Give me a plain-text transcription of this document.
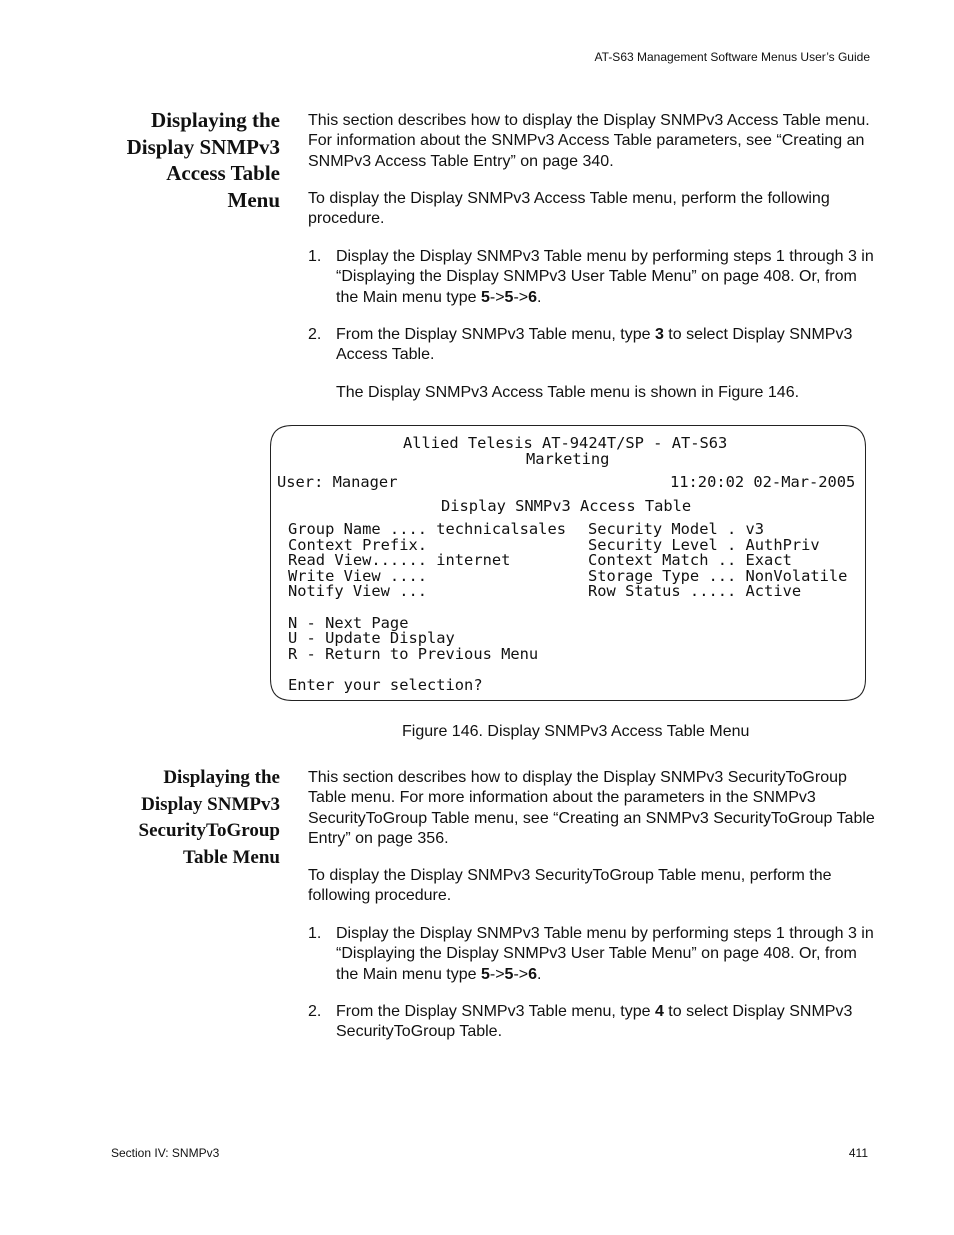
AT-S63 Management Software Menus User’s Guide
Displaying the
Display SNMPv3
Access Table
Menu

This section describes how to display the Display SNMPv3 Access Table menu. For information about the SNMPv3 Access Table parameters, see “Creating an SNMPv3 Access Table Entry” on page 340.

To display the Display SNMPv3 Access Table menu, perform the following procedure.

1. Display the Display SNMPv3 Table menu by performing steps 1 through 3 in “Displaying the Display SNMPv3 User Table Menu” on page 408. Or, from the Main menu type 5->5->6.
2. From the Display SNMPv3 Table menu, type 3 to select Display SNMPv3 Access Table.
The Display SNMPv3 Access Table menu is shown in Figure 146.
Allied Telesis AT-9424T/SP - AT-S63
Marketing
User: Manager	11:20:02 02-Mar-2005
Display SNMPv3 Access Table
Group Name .... technicalsales
Context Prefix.
Read View...... internet
Write View ....
Notify View ...
Security Model . v3
Security Level . AuthPriv
Context Match .. Exact
Storage Type ... NonVolatile
Row Status ..... Active
N - Next Page
U - Update Display
R - Return to Previous Menu
Enter your selection?
Figure 146. Display SNMPv3 Access Table Menu
Displaying the
Display SNMPv3
SecurityToGroup
Table Menu

This section describes how to display the Display SNMPv3 SecurityToGroup Table menu. For more information about the parameters in the SNMPv3 SecurityToGroup Table menu, see “Creating an SNMPv3 SecurityToGroup Table Entry” on page 356.

To display the Display SNMPv3 SecurityToGroup Table menu, perform the following procedure.

1. Display the Display SNMPv3 Table menu by performing steps 1 through 3 in “Displaying the Display SNMPv3 User Table Menu” on page 408. Or, from the Main menu type 5->5->6.
2. From the Display SNMPv3 Table menu, type 4 to select Display SNMPv3 SecurityToGroup Table.
Section IV: SNMPv3	411
